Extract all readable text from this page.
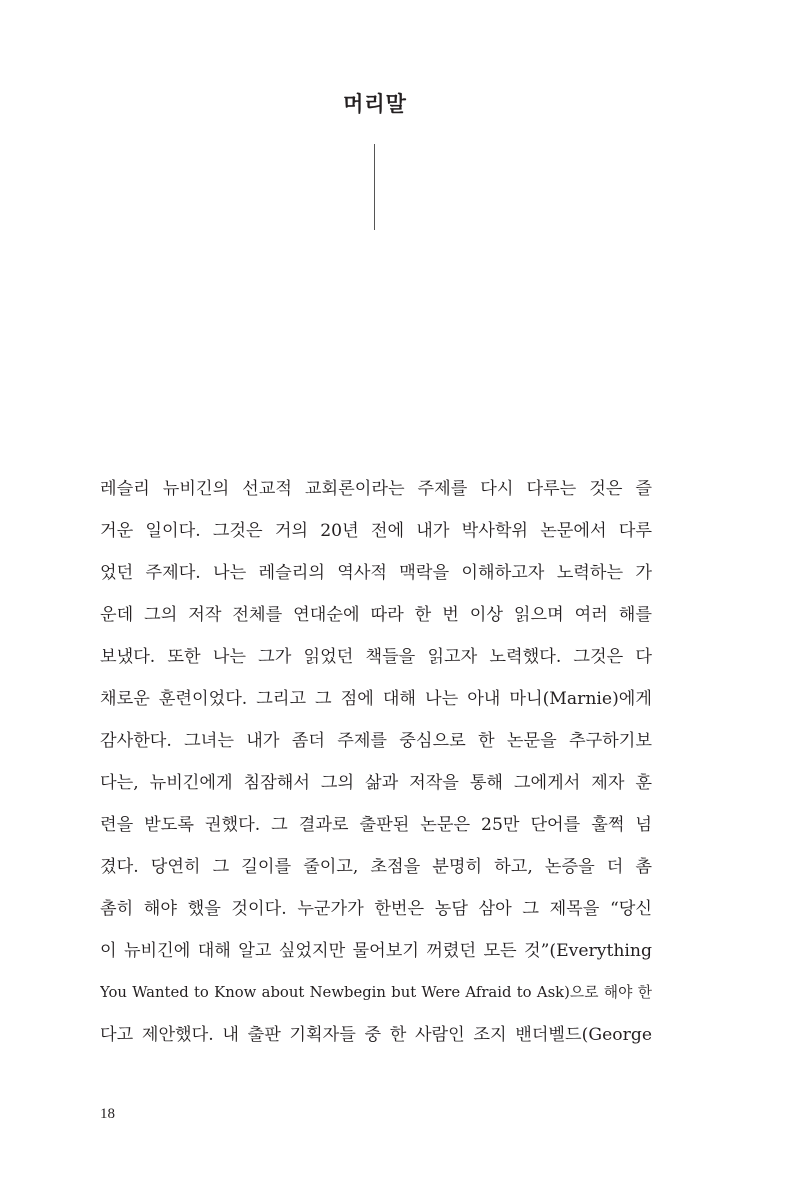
머리말
레슬리 뉴비긴의 선교적 교회론이라는 주제를 다시 다루는 것은 즐
거운 일이다. 그것은 거의 20년 전에 내가 박사학위 논문에서 다루
었던 주제다. 나는 레슬리의 역사적 맥락을 이해하고자 노력하는 가
운데 그의 저작 전체를 연대순에 따라 한 번 이상 읽으며 여러 해를
보냈다. 또한 나는 그가 읽었던 책들을 읽고자 노력했다. 그것은 다
채로운 훈련이었다. 그리고 그 점에 대해 나는 아내 마니(Marnie)에게
감사한다. 그녀는 내가 좀더 주제를 중심으로 한 논문을 추구하기보
다는, 뉴비긴에게 침잠해서 그의 삶과 저작을 통해 그에게서 제자 훈
련을 받도록 권했다. 그 결과로 출판된 논문은 25만 단어를 훌쩍 넘
겼다. 당연히 그 길이를 줄이고, 초점을 분명히 하고, 논증을 더 촘
촘히 해야 했을 것이다. 누군가가 한번은 농담 삼아 그 제목을 “당신
이 뉴비긴에 대해 알고 싶었지만 물어보기 꺼렸던 모든 것”(Everything
You Wanted to Know about Newbegin but Were Afraid to Ask)으로 해야 한
다고 제안했다. 내 출판 기획자들 중 한 사람인 조지 밴더벨드(George
18
